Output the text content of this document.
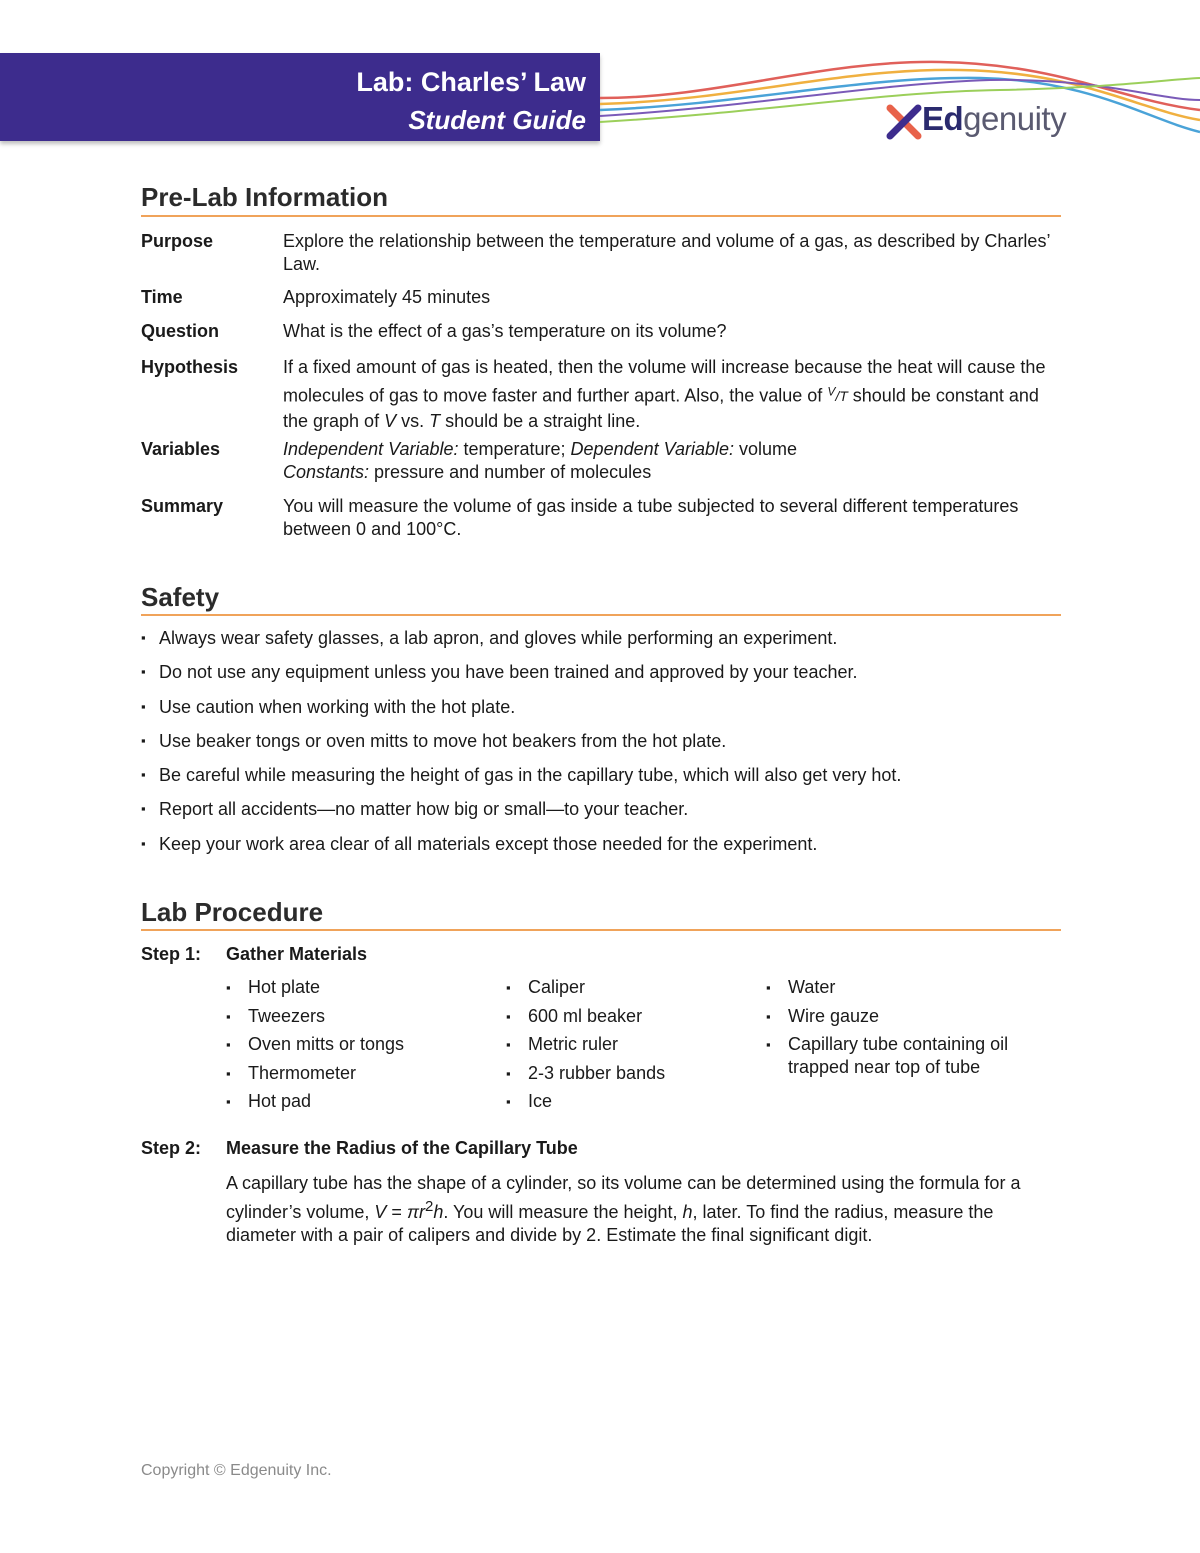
Lab: Charles’ Law
Student Guide	Edgenuity
Pre-Lab Information
Purpose	Explore the relationship between the temperature and volume of a gas, as described by Charles’ Law.
Time	Approximately 45 minutes
Question	What is the effect of a gas’s temperature on its volume?
Hypothesis If a fixed amount of gas is heated, then the volume will increase because the heat will cause the molecules of gas to move faster and further apart. Also, the value of $^V$/T should be constant and the graph of V vs. T should be a straight line.
Variables	Independent Variable: temperature; Dependent Variable: volume
Constants: pressure and number of molecules
Summary	You will measure the volume of gas inside a tube subjected to several different temperatures between 0 and 100°C.
Safety
▪ Always wear safety glasses, a lab apron, and gloves while performing an experiment.
▪ Do not use any equipment unless you have been trained and approved by your teacher.
▪ Use caution when working with the hot plate.
▪ Use beaker tongs or oven mitts to move hot beakers from the hot plate.
▪ Be careful while measuring the height of gas in the capillary tube, which will also get very hot.
▪ Report all accidents—no matter how big or small—to your teacher.
▪ Keep your work area clear of all materials except those needed for the experiment.
Lab Procedure
Step 1: Gather Materials
▪ Hot plate
▪ Tweezers
▪ Oven mitts or tongs
▪ Thermometer
▪ Hot pad
▪ Caliper
▪ 600 ml beaker
▪ Metric ruler
▪ 2-3 rubber bands
▪ Ice
▪ Water
▪ Wire gauze
▪ Capillary tube containing oil trapped near top of tube
Step 2: Measure the Radius of the Capillary Tube
A capillary tube has the shape of a cylinder, so its volume can be determined using the formula for a cylinder’s volume, $V = \pi r^2h$. You will measure the height, h, later. To find the radius, measure the diameter with a pair of calipers and divide by 2. Estimate the final significant digit.
Copyright © Edgenuity Inc.
